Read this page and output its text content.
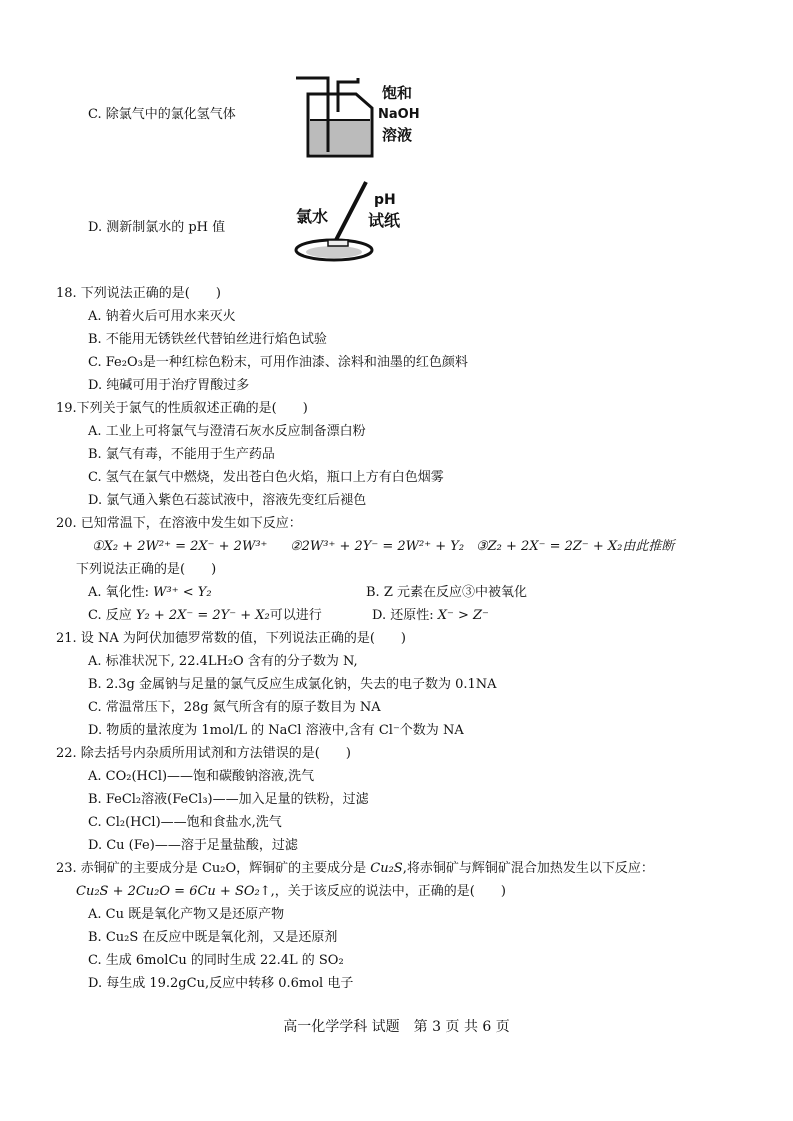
饱和
NaOH
溶液
氯水
pH
试纸
C. 除氯气中的氯化氢气体
D. 测新制氯水的 pH 值
18. 下列说法正确的是(　　)
A. 钠着火后可用水来灭火
B. 不能用无锈铁丝代替铂丝进行焰色试验
C. Fe₂O₃是一种红棕色粉末，可用作油漆、涂料和油墨的红色颜料
D. 纯碱可用于治疗胃酸过多
19.下列关于氯气的性质叙述正确的是(　　)
A. 工业上可将氯气与澄清石灰水反应制备漂白粉
B. 氯气有毒，不能用于生产药品
C. 氢气在氯气中燃烧，发出苍白色火焰，瓶口上方有白色烟雾
D. 氯气通入紫色石蕊试液中，溶液先变红后褪色
20. 已知常温下，在溶液中发生如下反应：
①X₂ + 2W²⁺ = 2X⁻ + 2W³⁺ ②2W³⁺ + 2Y⁻ = 2W²⁺ + Y₂ ③Z₂ + 2X⁻ = 2Z⁻ + X₂由此推断
下列说法正确的是(　　)
A. 氧化性: W³⁺ < Y₂	B. Z 元素在反应③中被氧化
C. 反应 Y₂ + 2X⁻ = 2Y⁻ + X₂可以进行	D. 还原性: X⁻ > Z⁻
21. 设 NA 为阿伏加德罗常数的值，下列说法正确的是(　　)
A. 标准状况下, 22.4LH₂O 含有的分子数为 N,
B. 2.3g 金属钠与足量的氯气反应生成氯化钠，失去的电子数为 0.1NA
C. 常温常压下，28g 氮气所含有的原子数目为 NA
D. 物质的量浓度为 1mol/L 的 NaCl 溶液中,含有 Cl⁻个数为 NA
22. 除去括号内杂质所用试剂和方法错误的是(　　)
A. CO₂(HCl)——饱和碳酸钠溶液,洗气
B. FeCl₂溶液(FeCl₃)——加入足量的铁粉，过滤
C. Cl₂(HCl)——饱和食盐水,洗气
D. Cu (Fe)——溶于足量盐酸，过滤
23. 赤铜矿的主要成分是 Cu₂O，辉铜矿的主要成分是 Cu₂S,将赤铜矿与辉铜矿混合加热发生以下反应：
Cu₂S + 2Cu₂O = 6Cu + SO₂↑,，关于该反应的说法中，正确的是(　　)
A. Cu 既是氧化产物又是还原产物
B. Cu₂S 在反应中既是氧化剂，又是还原剂
C. 生成 6molCu 的同时生成 22.4L 的 SO₂
D. 每生成 19.2gCu,反应中转移 0.6mol 电子
高一化学学科 试题　第 3 页 共 6 页
